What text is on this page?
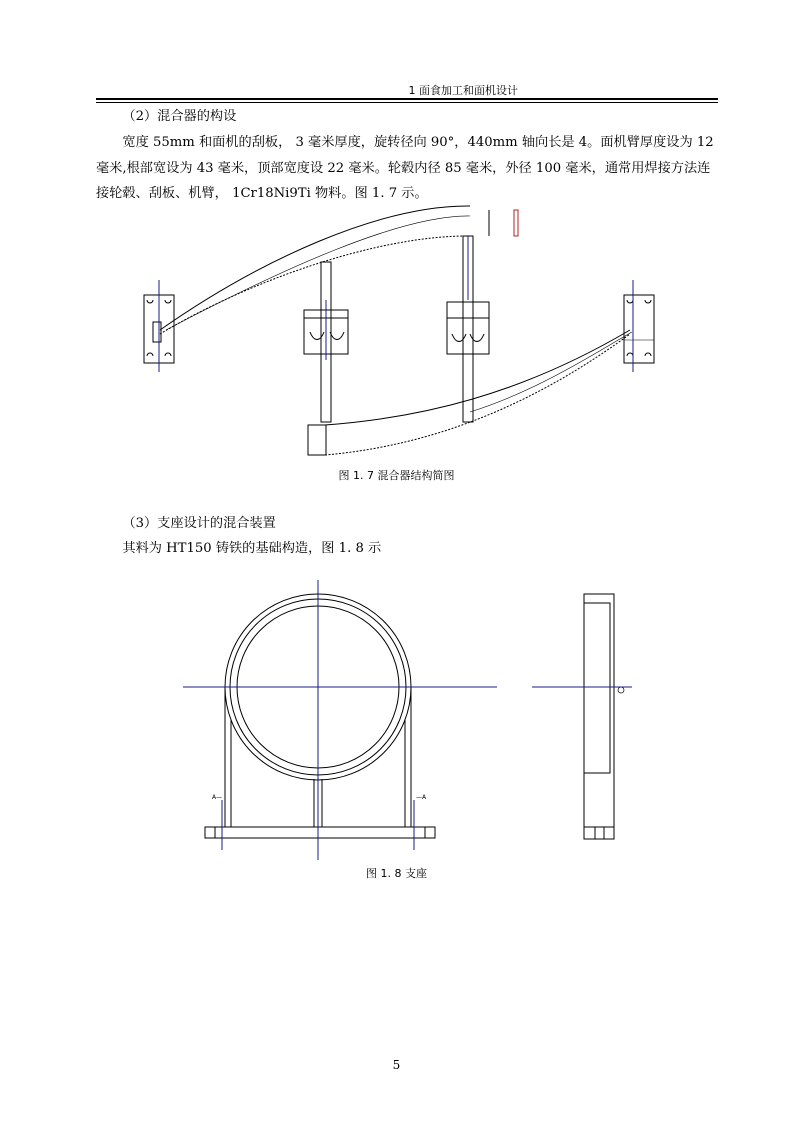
1 面食加工和面机设计
（2）混合器的构设
宽度 55mm 和面机的刮板， 3 毫米厚度，旋转径向 90°，440mm 轴向长是 4。面机臂厚度设为 12
毫米,根部宽设为 43 毫米，顶部宽度设 22 毫米。轮毂内径 85 毫米，外径 100 毫米，通常用焊接方法连
接轮毂、刮板、机臂， 1Cr18Ni9Ti 物料。图 1. 7 示。
图 1. 7 混合器结构简图
（3）支座设计的混合装置
其料为 HT150 铸铁的基础构造，图 1. 8 示
A—	—A
图 1. 8 支座
5
